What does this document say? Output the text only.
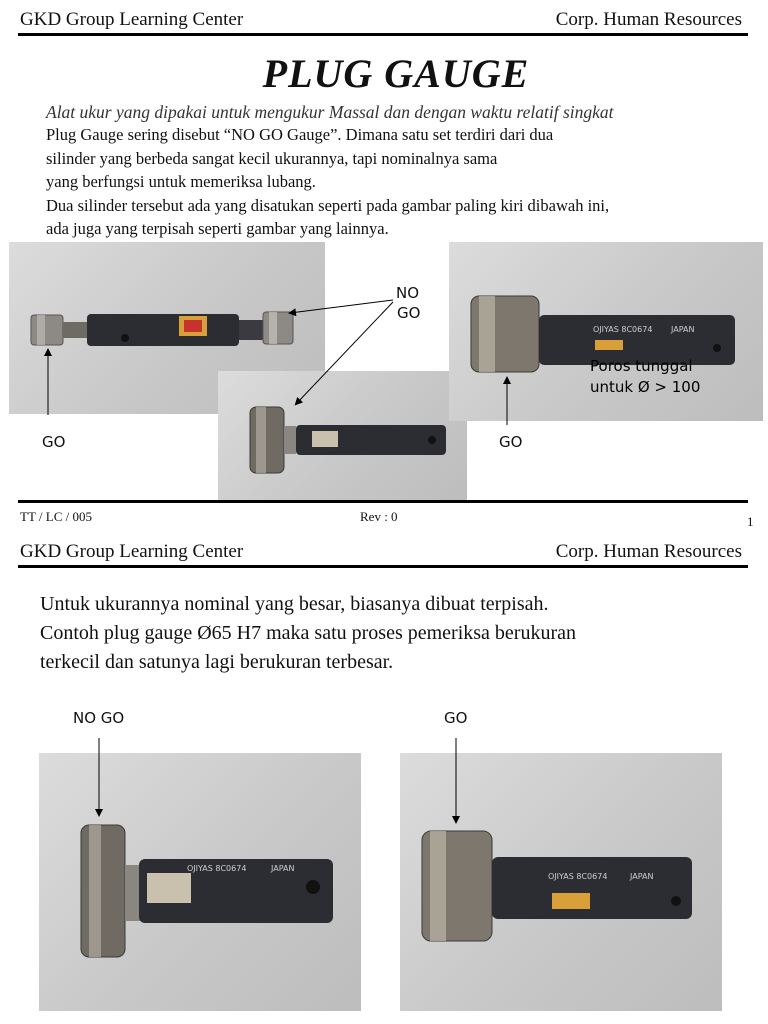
GKD Group Learning Center	Corp. Human Resources
PLUG GAUGE
Alat ukur yang dipakai untuk mengukur Massal dan dengan waktu relatif singkat
Plug Gauge sering disebut “NO GO Gauge”. Dimana satu set terdiri dari dua
silinder yang berbeda sangat kecil ukurannya, tapi nominalnya sama
yang berfungsi untuk memeriksa lubang.
Dua silinder tersebut ada yang disatukan seperti pada gambar paling kiri dibawah ini,
ada juga yang terpisah seperti gambar yang lainnya.
OJIYAS 8C0674 JAPAN
Poros tunggal
untuk Ø > 100
NO
GO
GO	GO
TT / LC / 005	Rev : 0	1
GKD Group Learning Center	Corp. Human Resources
Untuk ukurannya nominal yang besar, biasanya dibuat terpisah.
Contoh plug gauge Ø65 H7 maka satu proses pemeriksa berukuran
terkecil dan satunya lagi berukuran terbesar.
NO GO	GO
OJIYAS 8C0674	JAPAN
OJIYAS 8C0674	JAPAN
